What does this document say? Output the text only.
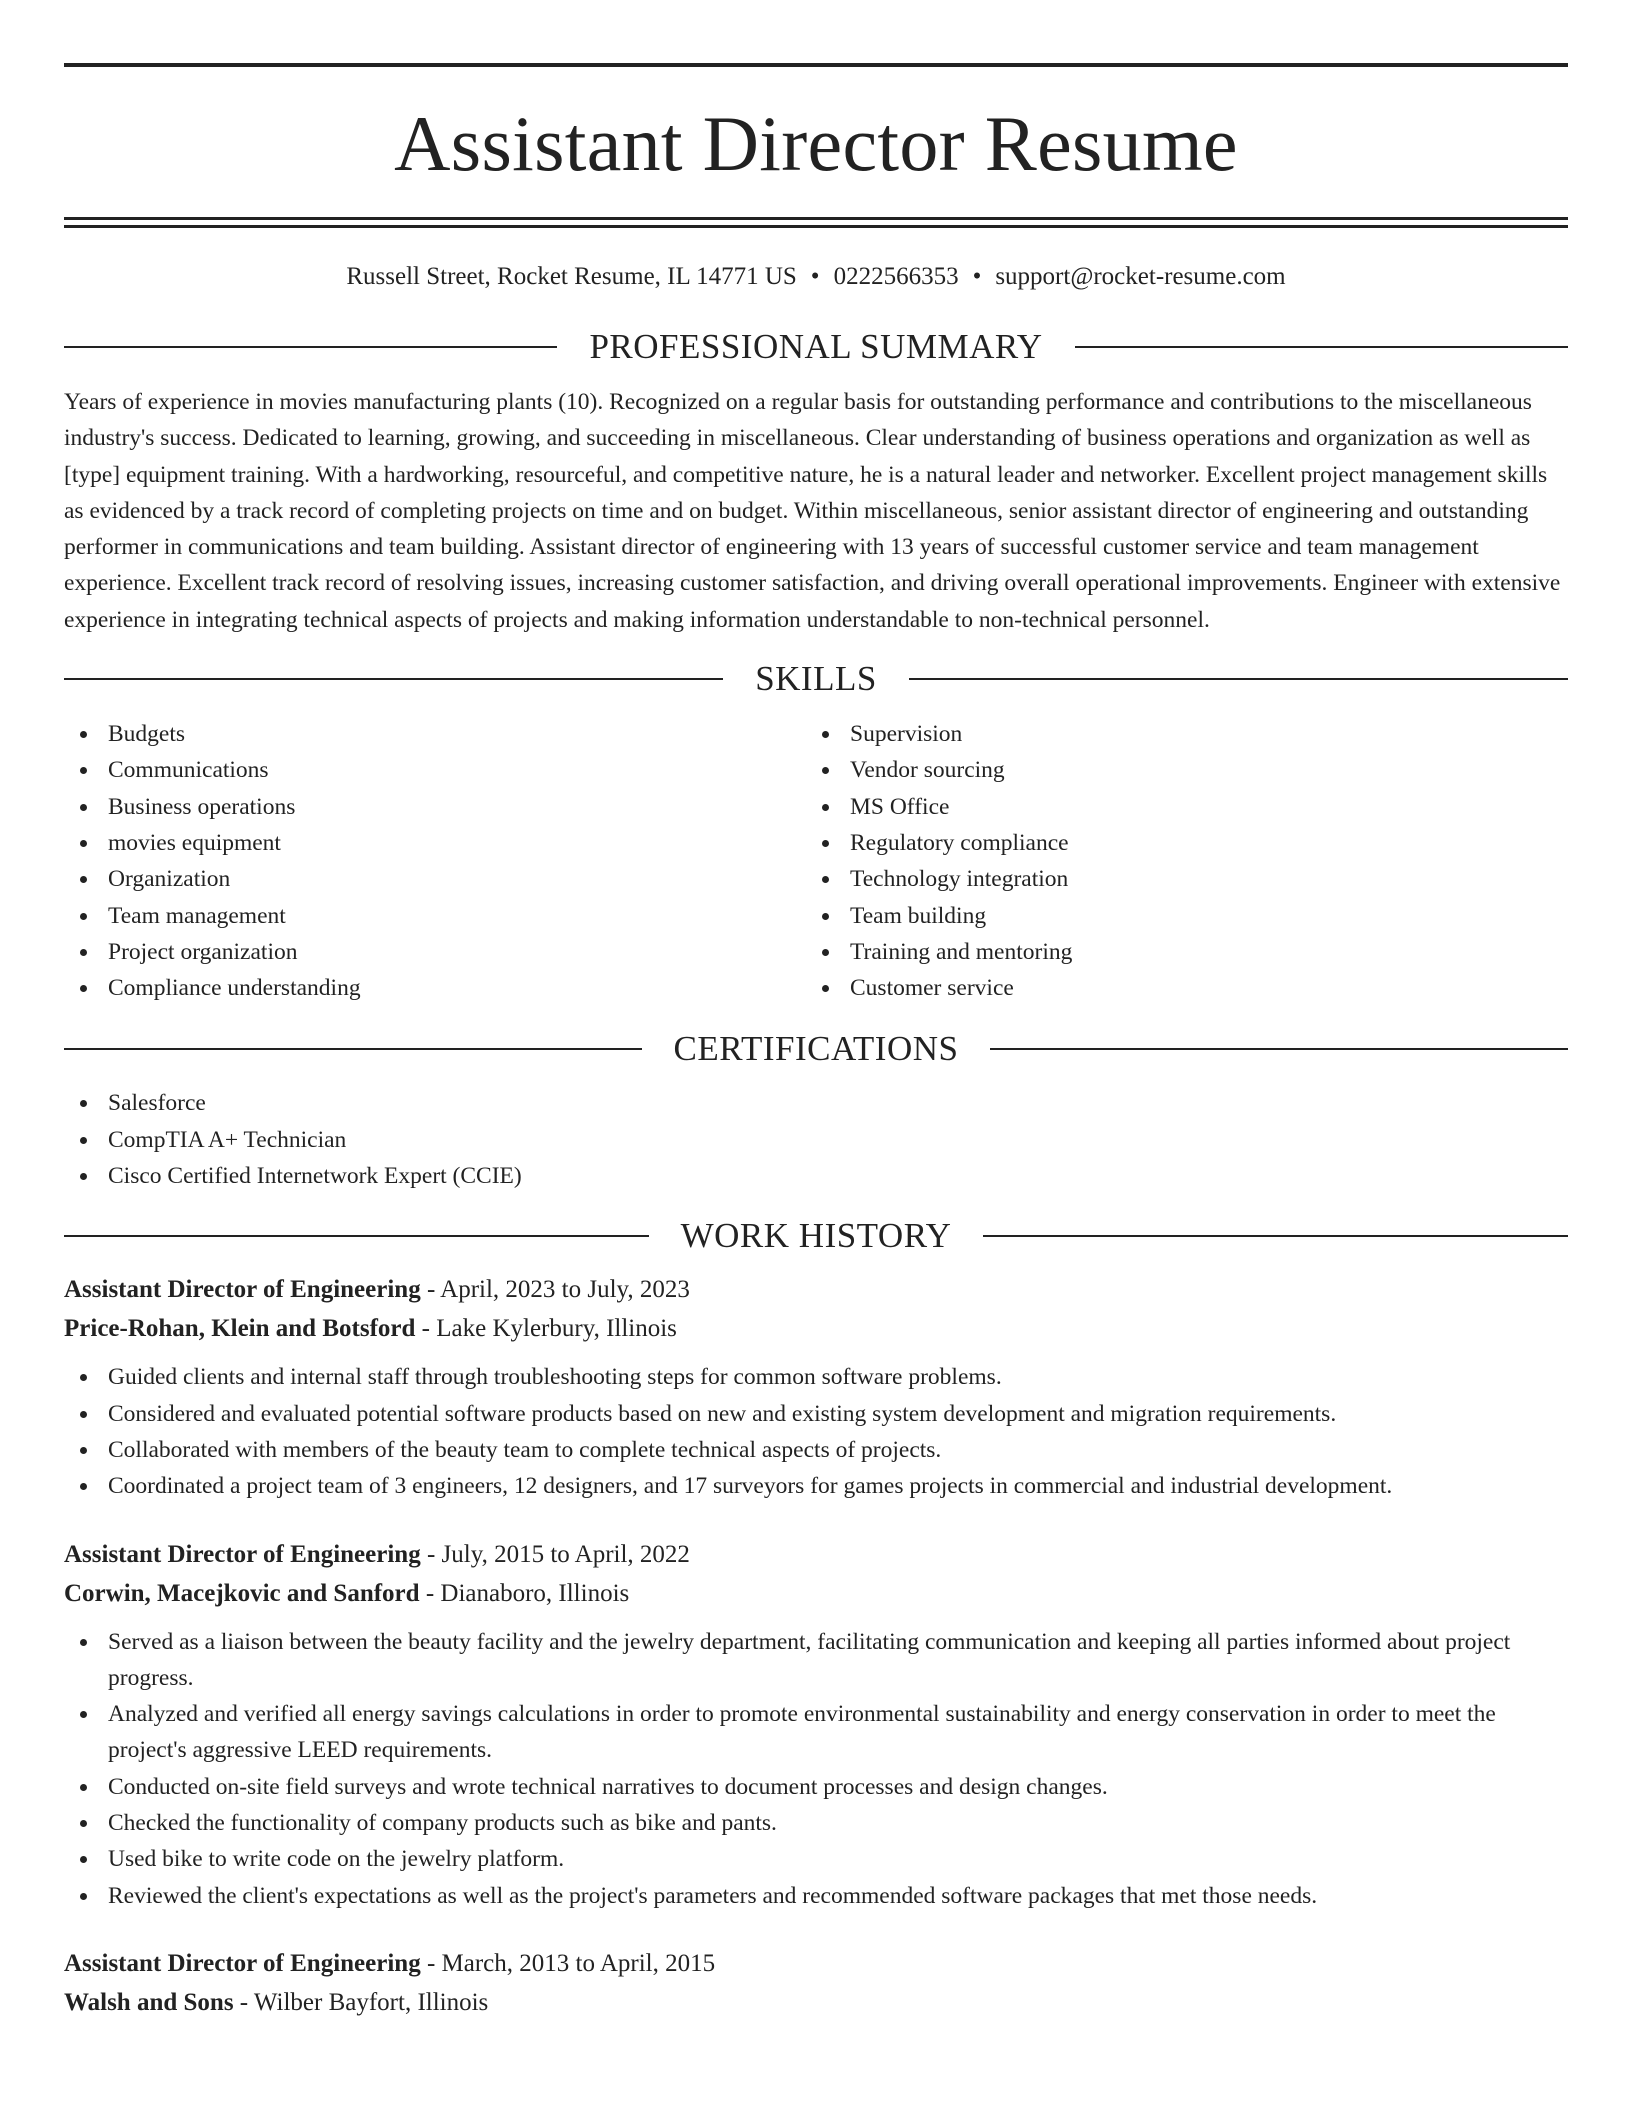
Assistant Director Resume
Russell Street, Rocket Resume, IL 14771 US • 0222566353 • support@rocket-resume.com
PROFESSIONAL SUMMARY

Years of experience in movies manufacturing plants (10). Recognized on a regular basis for outstanding performance and contributions to the miscellaneous industry's success. Dedicated to learning, growing, and succeeding in miscellaneous. Clear understanding of business operations and organization as well as [type] equipment training. With a hardworking, resourceful, and competitive nature, he is a natural leader and networker. Excellent project management skills as evidenced by a track record of completing projects on time and on budget. Within miscellaneous, senior assistant director of engineering and outstanding performer in communications and team building. Assistant director of engineering with 13 years of successful customer service and team management experience. Excellent track record of resolving issues, increasing customer satisfaction, and driving overall operational improvements. Engineer with extensive experience in integrating technical aspects of projects and making information understandable to non-technical personnel.

SKILLS
Budgets
Communications
Business operations
movies equipment
Organization
Team management
Project organization
Compliance understanding
Supervision
Vendor sourcing
MS Office
Regulatory compliance
Technology integration
Team building
Training and mentoring
Customer service
CERTIFICATIONS
Salesforce
CompTIA A+ Technician
Cisco Certified Internetwork Expert (CCIE)
WORK HISTORY
Assistant Director of Engineering - April, 2023 to July, 2023
Price-Rohan, Klein and Botsford - Lake Kylerbury, Illinois
Guided clients and internal staff through troubleshooting steps for common software problems.
Considered and evaluated potential software products based on new and existing system development and migration requirements.
Collaborated with members of the beauty team to complete technical aspects of projects.
Coordinated a project team of 3 engineers, 12 designers, and 17 surveyors for games projects in commercial and industrial development.
Assistant Director of Engineering - July, 2015 to April, 2022
Corwin, Macejkovic and Sanford - Dianaboro, Illinois
Served as a liaison between the beauty facility and the jewelry department, facilitating communication and keeping all parties informed about project progress.
Analyzed and verified all energy savings calculations in order to promote environmental sustainability and energy conservation in order to meet the project's aggressive LEED requirements.
Conducted on-site field surveys and wrote technical narratives to document processes and design changes.
Checked the functionality of company products such as bike and pants.
Used bike to write code on the jewelry platform.
Reviewed the client's expectations as well as the project's parameters and recommended software packages that met those needs.
Assistant Director of Engineering - March, 2013 to April, 2015
Walsh and Sons - Wilber Bayfort, Illinois
